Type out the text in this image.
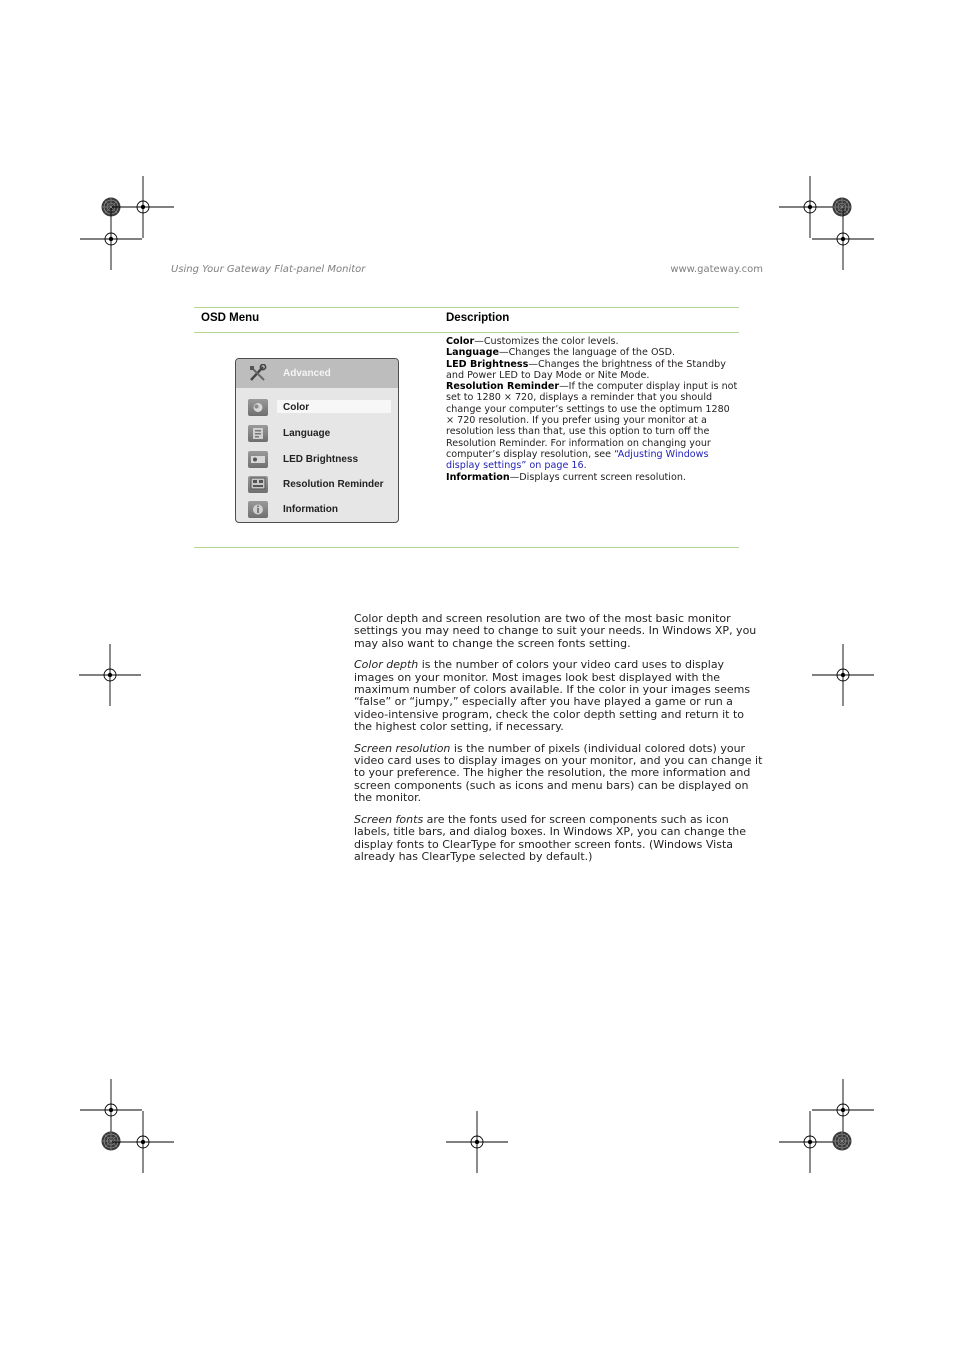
Using Your Gateway Flat-panel Monitor	www.gateway.com
OSD Menu	Description
Advanced
Color
Language
LED Brightness
Resolution Reminder
Information

Color—Customizes the color levels.

Language—Changes the language of the OSD.

LED Brightness—Changes the brightness of the Standby and Power LED to Day Mode or Nite Mode.

Resolution Reminder—If the computer display input is not set to 1280 × 720, displays a reminder that you should change your computer’s settings to use the optimum 1280 × 720 resolution. If you prefer using your monitor at a resolution less than that, use this option to turn off the Resolution Reminder. For information on changing your computer’s display resolution, see “Adjusting Windows display settings” on page 16.

Information—Displays current screen resolution.

Color depth and screen resolution are two of the most basic monitor settings you may need to change to suit your needs. In Windows XP, you may also want to change the screen fonts setting.

Color depth is the number of colors your video card uses to display images on your monitor. Most images look best displayed with the maximum number of colors available. If the color in your images seems “false” or “jumpy,” especially after you have played a game or run a video-intensive program, check the color depth setting and return it to the highest color setting, if necessary.

Screen resolution is the number of pixels (individual colored dots) your video card uses to display images on your monitor, and you can change it to your preference. The higher the resolution, the more information and screen components (such as icons and menu bars) can be displayed on the monitor.

Screen fonts are the fonts used for screen components such as icon labels, title bars, and dialog boxes. In Windows XP, you can change the display fonts to ClearType for smoother screen fonts. (Windows Vista already has ClearType selected by default.)
